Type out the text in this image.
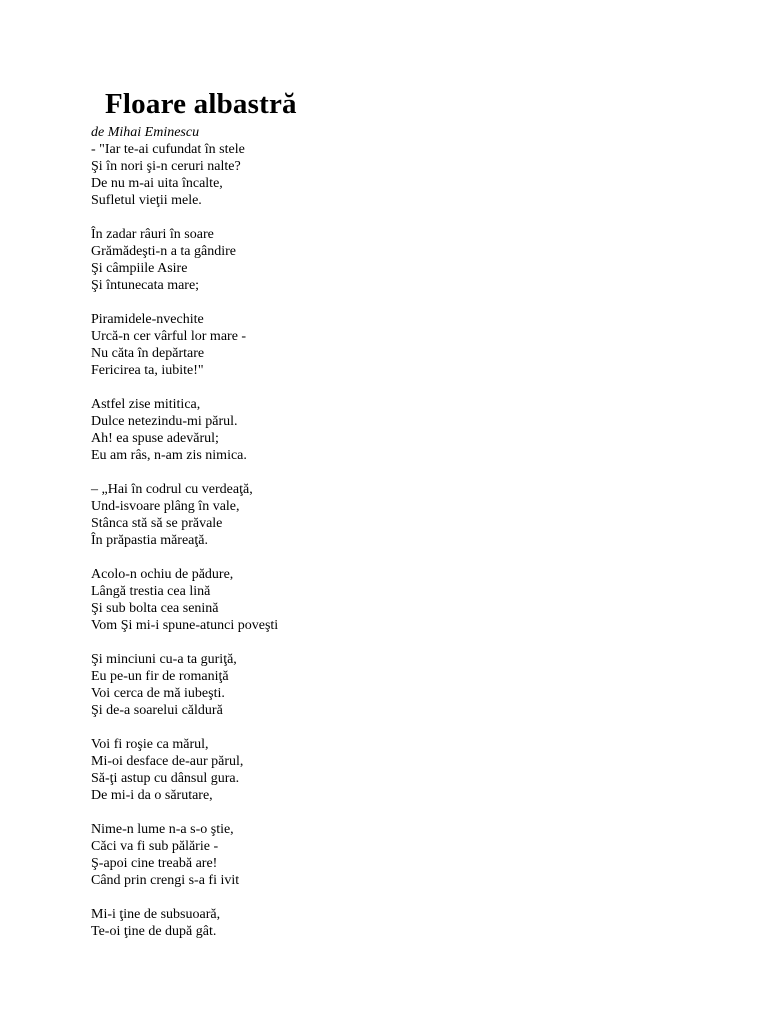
Floare albastră
de Mihai Eminescu
- "Iar te-ai cufundat în stele
Şi în nori şi-n ceruri nalte?
De nu m-ai uita încalte,
Sufletul vieţii mele.
În zadar râuri în soare
Grămădeşti-n a ta gândire
Şi câmpiile Asire
Şi întunecata mare;
Piramidele-nvechite
Urcă-n cer vârful lor mare -
Nu căta în depărtare
Fericirea ta, iubite!"
Astfel zise mititica,
Dulce netezindu-mi părul.
Ah! ea spuse adevărul;
Eu am râs, n-am zis nimica.
– „Hai în codrul cu verdeaţă,
Und-isvoare plâng în vale,
Stânca stă să se prăvale
În prăpastia măreaţă.
Acolo-n ochiu de pădure,
Lângă trestia cea lină
Şi sub bolta cea senină
Vom Şi mi-i spune-atunci poveşti
Şi minciuni cu-a ta guriţă,
Eu pe-un fir de romaniţă
Voi cerca de mă iubeşti.
Şi de-a soarelui căldură
Voi fi roşie ca mărul,
Mi-oi desface de-aur părul,
Să-ţi astup cu dânsul gura.
De mi-i da o sărutare,
Nime-n lume n-a s-o ştie,
Căci va fi sub pălărie -
Ş-apoi cine treabă are!
Când prin crengi s-a fi ivit
Mi-i ţine de subsuoară,
Te-oi ţine de după gât.
